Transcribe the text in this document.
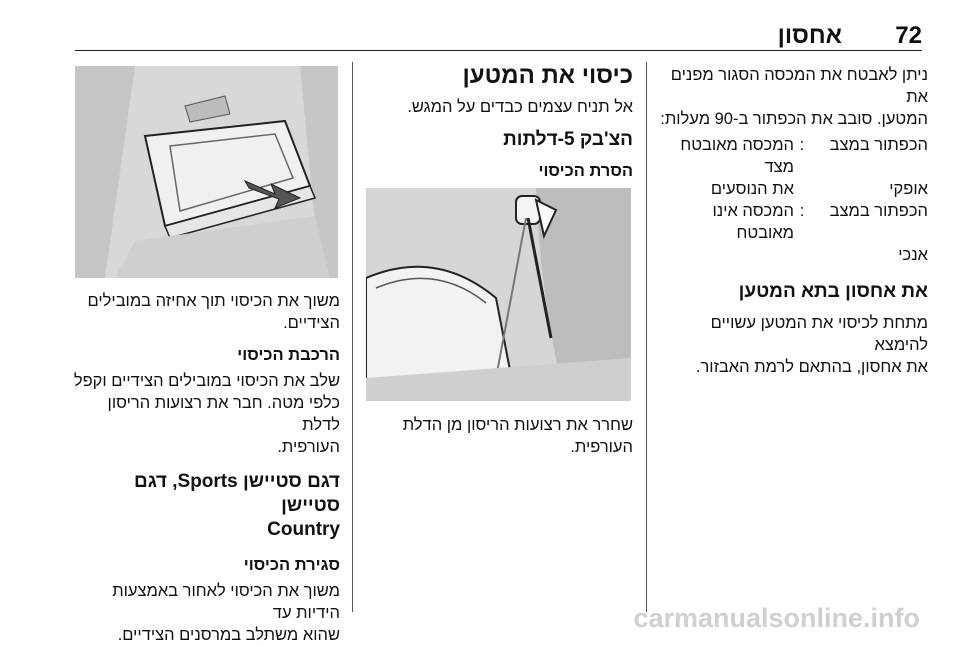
72
אחסון

ניתן לאבטח את המכסה הסגור מפנים את

המטען. סובב את הכפתור ב-90 מעלות:

הכפתור במצב
:
המכסה מאובטח מצד
אופקי
את הנוסעים
הכפתור במצב
:
המכסה אינו מאובטח
אנכי

את אחסון בתא המטען

מתחת לכיסוי את המטען עשויים להימצא

את אחסון, בהתאם לרמת האבזור.

כיסוי את המטען

אל תניח עצמים כבדים על המגש.

הצ'בק 5-דלתות

הסרת הכיסוי

שחרר את רצועות הריסון מן הדלת

העורפית.

משוך את הכיסוי תוך אחיזה במובילים

הצידיים.

הרכבת הכיסוי

שלב את הכיסוי במובילים הצידיים וקפל

כלפי מטה. חבר את רצועות הריסון לדלת

העורפית.

דגם סטיישן Sports, דגם סטיישן

Country

סגירת הכיסוי

משוך את הכיסוי לאחור באמצעות הידיות עד

שהוא משתלב במרסנים הצידיים.

carmanualsonline.info
